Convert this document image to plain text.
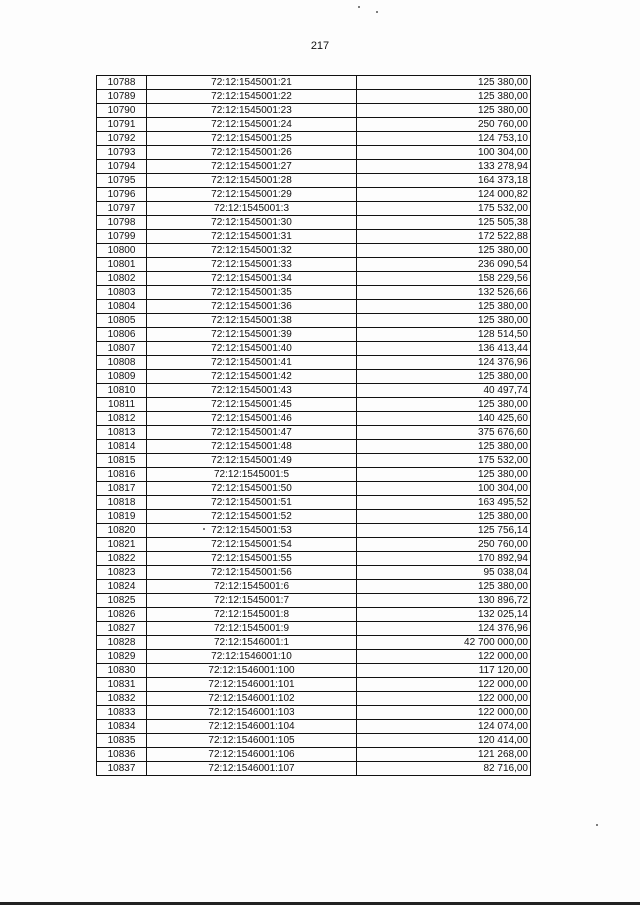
217
10788	72:12:1545001:21	125 380,00
10789	72:12:1545001:22	125 380,00
10790	72:12:1545001:23	125 380,00
10791	72:12:1545001:24	250 760,00
10792	72:12:1545001:25	124 753,10
10793	72:12:1545001:26	100 304,00
10794	72:12:1545001:27	133 278,94
10795	72:12:1545001:28	164 373,18
10796	72:12:1545001:29	124 000,82
10797	72:12:1545001:3	175 532,00
10798	72:12:1545001:30	125 505,38
10799	72:12:1545001:31	172 522,88
10800	72:12:1545001:32	125 380,00
10801	72:12:1545001:33	236 090,54
10802	72:12:1545001:34	158 229,56
10803	72:12:1545001:35	132 526,66
10804	72:12:1545001:36	125 380,00
10805	72:12:1545001:38	125 380,00
10806	72:12:1545001:39	128 514,50
10807	72:12:1545001:40	136 413,44
10808	72:12:1545001:41	124 376,96
10809	72:12:1545001:42	125 380,00
10810	72:12:1545001:43	40 497,74
10811	72:12:1545001:45	125 380,00
10812	72:12:1545001:46	140 425,60
10813	72:12:1545001:47	375 676,60
10814	72:12:1545001:48	125 380,00
10815	72:12:1545001:49	175 532,00
10816	72:12:1545001:5	125 380,00
10817	72:12:1545001:50	100 304,00
10818	72:12:1545001:51	163 495,52
10819	72:12:1545001:52	125 380,00
10820	72:12:1545001:53	125 756,14
10821	72:12:1545001:54	250 760,00
10822	72:12:1545001:55	170 892,94
10823	72:12:1545001:56	95 038,04
10824	72:12:1545001:6	125 380,00
10825	72:12:1545001:7	130 896,72
10826	72:12:1545001:8	132 025,14
10827	72:12:1545001:9	124 376,96
10828	72:12:1546001:1	42 700 000,00
10829	72:12:1546001:10	122 000,00
10830	72:12:1546001:100	117 120,00
10831	72:12:1546001:101	122 000,00
10832	72:12:1546001:102	122 000,00
10833	72:12:1546001:103	122 000,00
10834	72:12:1546001:104	124 074,00
10835	72:12:1546001:105	120 414,00
10836	72:12:1546001:106	121 268,00
10837	72:12:1546001:107	82 716,00
